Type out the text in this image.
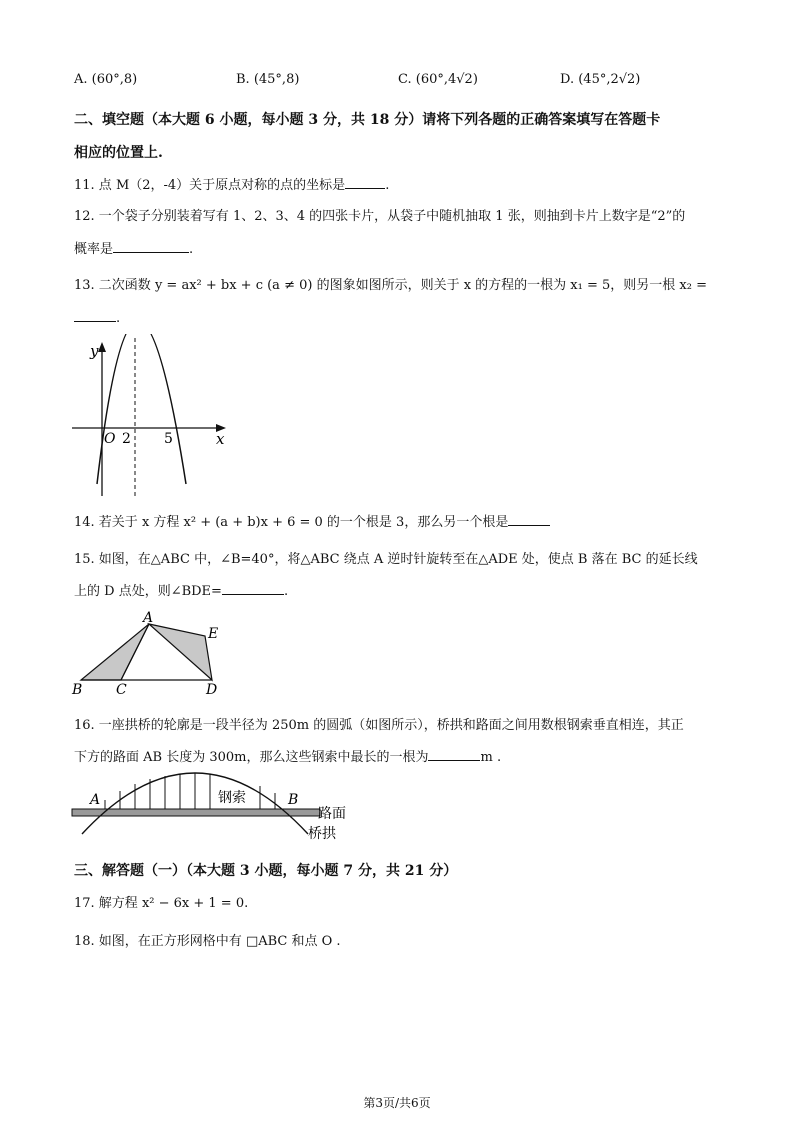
A. (60°,8)	B. (45°,8)	C. (60°,4√2)	D. (45°,2√2)
二、填空题（本大题 6 小题，每小题 3 分，共 18 分）请将下列各题的正确答案填写在答题卡
相应的位置上.
11. 点 M（2，-4）关于原点对称的点的坐标是	.
12. 一个袋子分别装着写有 1、2、3、4 的四张卡片，从袋子中随机抽取 1 张，则抽到卡片上数字是“2”的
概率是	.
13. 二次函数 y = ax² + bx + c (a ≠ 0) 的图象如图所示，则关于 x 的方程的一根为 x₁ = 5，则另一根 x₂ =
.
y
x
O 2 5
14. 若关于 x 方程 x² + (a + b)x + 6 = 0 的一个根是 3，那么另一个根是
15. 如图，在△ABC 中，∠B=40°，将△ABC 绕点 A 逆时针旋转至在△ADE 处，使点 B 落在 BC 的延长线
上的 D 点处，则∠BDE=	.
A
B C	D
E
16. 一座拱桥的轮廓是一段半径为 250m 的圆弧（如图所示），桥拱和路面之间用数根钢索垂直相连，其正
下方的路面 AB 长度为 300m，那么这些钢索中最长的一根为	m .
A	B
钢索
路面
桥拱
三、解答题（一）（本大题 3 小题，每小题 7 分，共 21 分）
17. 解方程 x² − 6x + 1 = 0.
18. 如图，在正方形网格中有 □ABC 和点 O .
第3页/共6页
